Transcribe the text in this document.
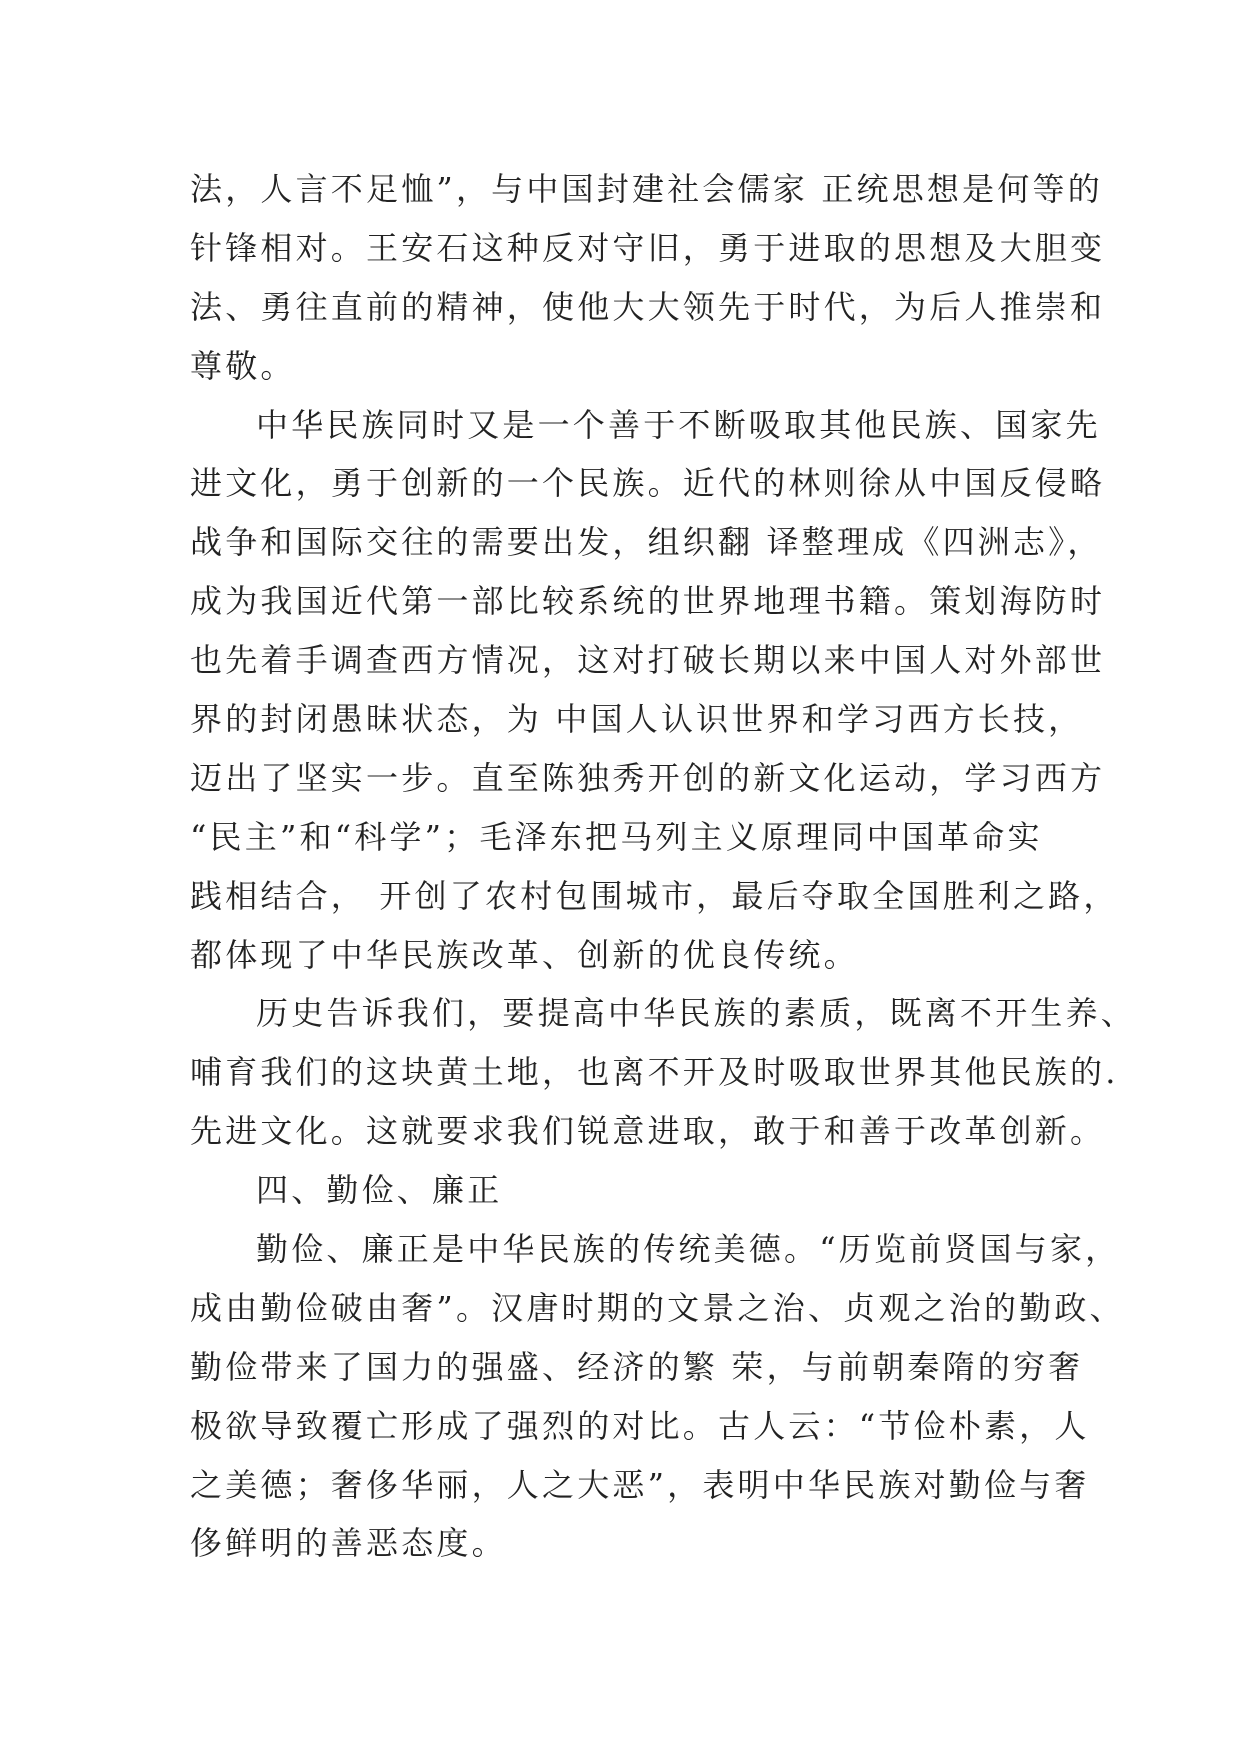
法，人言不足恤”，与中国封建社会儒家 正统思想是何等的
针锋相对。王安石这种反对守旧，勇于进取的思想及大胆变
法、勇往直前的精神，使他大大领先于时代，为后人推崇和
尊敬。
中华民族同时又是一个善于不断吸取其他民族、国家先
进文化，勇于创新的一个民族。近代的林则徐从中国反侵略
战争和国际交往的需要出发，组织翻 译整理成《四洲志》，
成为我国近代第一部比较系统的世界地理书籍。策划海防时
也先着手调查西方情况，这对打破长期以来中国人对外部世
界的封闭愚昧状态，为 中国人认识世界和学习西方长技，
迈出了坚实一步。直至陈独秀开创的新文化运动，学习西方
“民主”和“科学”；毛泽东把马列主义原理同中国革命实
践相结合， 开创了农村包围城市，最后夺取全国胜利之路，
都体现了中华民族改革、创新的优良传统。
历史告诉我们，要提高中华民族的素质，既离不开生养、
哺育我们的这块黄土地，也离不开及时吸取世界其他民族的.
先进文化。这就要求我们锐意进取，敢于和善于改革创新。
四、勤俭、廉正
勤俭、廉正是中华民族的传统美德。“历览前贤国与家，
成由勤俭破由奢”。汉唐时期的文景之治、贞观之治的勤政、
勤俭带来了国力的强盛、经济的繁 荣，与前朝秦隋的穷奢
极欲导致覆亡形成了强烈的对比。古人云：“节俭朴素，人
之美德；奢侈华丽，人之大恶”，表明中华民族对勤俭与奢
侈鲜明的善恶态度。
